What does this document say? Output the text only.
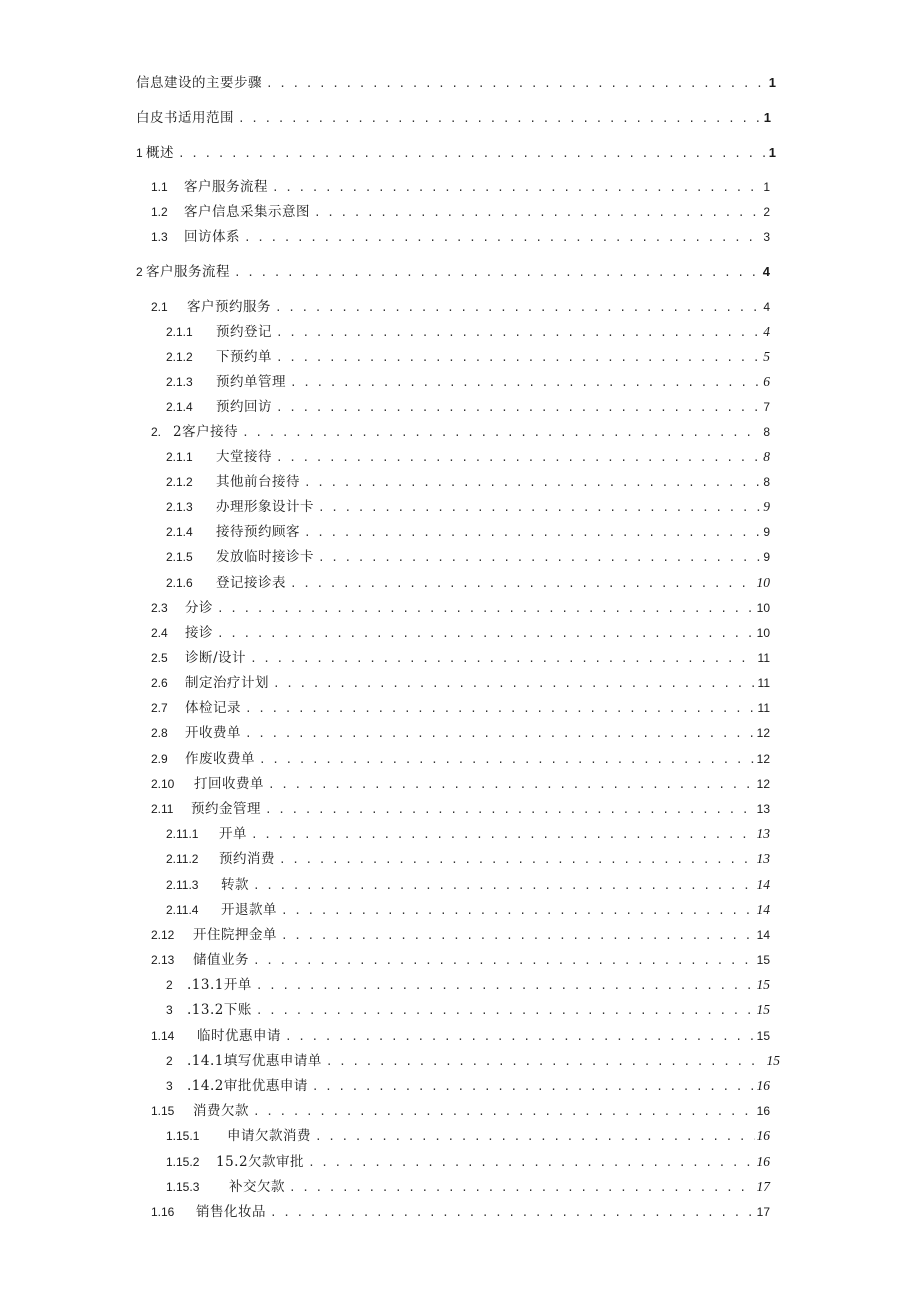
信息建设的主要步骤 . . .	1
白皮书适用范围 . . .	1
1 概述 . . .	1
1.1	客户服务流程 . . .	1
1.2	客户信息采集示意图 . . .	2
1.3	回访体系 . . .	3
2 客户服务流程 . . .	4
2.1	客户预约服务 . . .	4
2.1.1	预约登记 . . .	4
2.1.2	下预约单 . . .	5
2.1.3	预约单管理 . . .	6
2.1.4	预约回访 . . .	7
2. 2客户接待 . . .	8
2.1.1	大堂接待 . . .	8
2.1.2	其他前台接待 . . .	8
2.1.3	办理形象设计卡 . . .	9
2.1.4	接待预约顾客 . . .	9
2.1.5	发放临时接诊卡 . . .	9
2.1.6	登记接诊表 . . .	10
2.3	分诊 . . .	10
2.4	接诊 . . .	10
2.5	诊断/设计 . . .	11
2.6	制定治疗计划 . . .	11
2.7	体检记录 . . .	11
2.8	开收费单 . . .	12
2.9	作废收费单 . . .	12
2.10	打回收费单 . . .	12
2.11	预约金管理 . . .	13
2.11.1	开单 . . .	13
2.11.2	预约消费 . . .	13
2.11.3	转款 . . .	14
2.11.4	开退款单 . . .	14
2.12	开住院押金单 . . .	14
2.13	储值业务 . . .	15
2	.13.1开单 . . .	15
3	.13.2下账 . . .	15
1.14	临时优惠申请 . . .	15
2	.14.1填写优惠申请单 . . .	15
3	.14.2审批优惠申请 . . .	16
1.15	消费欠款 . . .	16
1.15.1	申请欠款消费 . . .	16
1.15.2	15.2欠款审批 . . .	16
1.15.3	补交欠款 . . .	17
1.16	销售化妆品 . . .	17
